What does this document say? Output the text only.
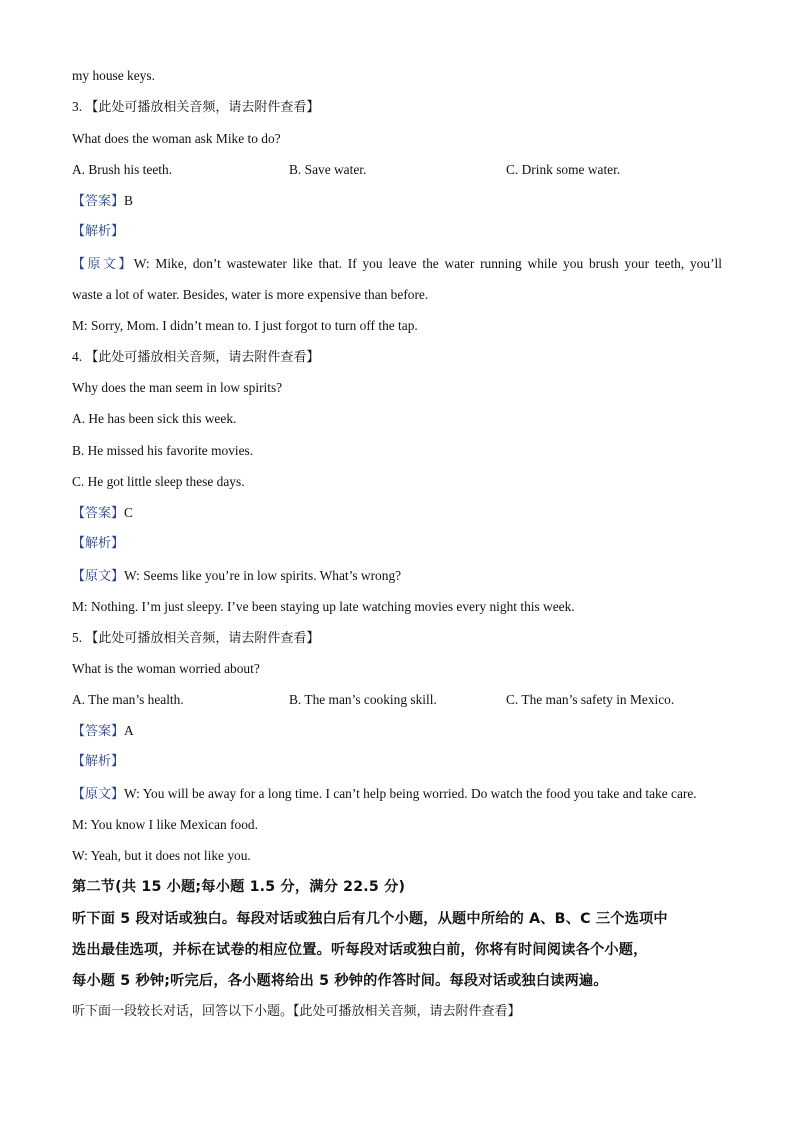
my house keys.
3. 【此处可播放相关音频，请去附件查看】
What does the woman ask Mike to do?
A. Brush his teeth.	B. Save water.	C. Drink some water.
【答案】B
【解析】
【原文】W: Mike, don’t wastewater like that. If you leave the water running while you brush your teeth, you’ll
waste a lot of water. Besides, water is more expensive than before.
M: Sorry, Mom. I didn’t mean to. I just forgot to turn off the tap.
4. 【此处可播放相关音频，请去附件查看】
Why does the man seem in low spirits?
A. He has been sick this week.
B. He missed his favorite movies.
C. He got little sleep these days.
【答案】C
【解析】
【原文】W: Seems like you’re in low spirits. What’s wrong?
M: Nothing. I’m just sleepy. I’ve been staying up late watching movies every night this week.
5. 【此处可播放相关音频，请去附件查看】
What is the woman worried about?
A. The man’s health.	B. The man’s cooking skill.	C. The man’s safety in Mexico.
【答案】A
【解析】
【原文】W: You will be away for a long time. I can’t help being worried. Do watch the food you take and take care.
M: You know I like Mexican food.
W: Yeah, but it does not like you.
第二节(共 15 小题;每小题 1.5 分，满分 22.5 分)
听下面 5 段对话或独白。每段对话或独白后有几个小题，从题中所给的 A、B、C 三个选项中
选出最佳选项，并标在试卷的相应位置。听每段对话或独白前，你将有时间阅读各个小题，
每小题 5 秒钟;听完后，各小题将给出 5 秒钟的作答时间。每段对话或独白读两遍。
听下面一段较长对话，回答以下小题。【此处可播放相关音频，请去附件查看】
